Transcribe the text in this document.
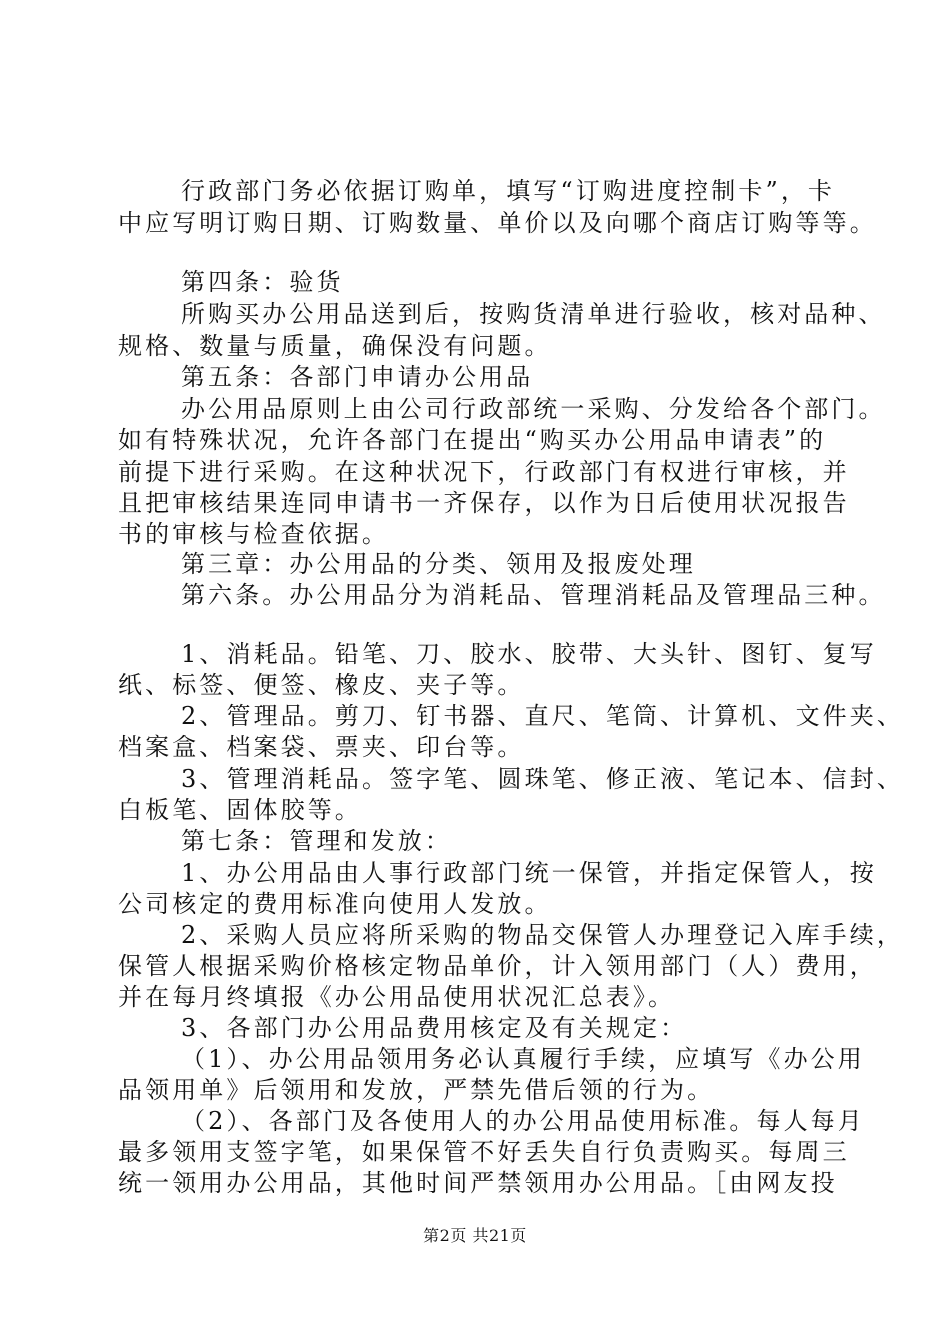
行政部门务必依据订购单，填写“订购进度控制卡”，卡
中应写明订购日期、订购数量、单价以及向哪个商店订购等等。
第四条：验货
所购买办公用品送到后，按购货清单进行验收，核对品种、
规格、数量与质量，确保没有问题。
第五条：各部门申请办公用品
办公用品原则上由公司行政部统一采购、分发给各个部门。
如有特殊状况，允许各部门在提出“购买办公用品申请表”的
前提下进行采购。在这种状况下，行政部门有权进行审核，并
且把审核结果连同申请书一齐保存，以作为日后使用状况报告
书的审核与检查依据。
第三章：办公用品的分类、领用及报废处理
第六条。办公用品分为消耗品、管理消耗品及管理品三种。
1、消耗品。铅笔、刀、胶水、胶带、大头针、图钉、复写
纸、标签、便签、橡皮、夹子等。
2、管理品。剪刀、钉书器、直尺、笔筒、计算机、文件夹、
档案盒、档案袋、票夹、印台等。
3、管理消耗品。签字笔、圆珠笔、修正液、笔记本、信封、
白板笔、固体胶等。
第七条：管理和发放：
1、办公用品由人事行政部门统一保管，并指定保管人，按
公司核定的费用标准向使用人发放。
2、采购人员应将所采购的物品交保管人办理登记入库手续，
保管人根据采购价格核定物品单价，计入领用部门（人）费用，
并在每月终填报《办公用品使用状况汇总表》。
3、各部门办公用品费用核定及有关规定：
（1）、办公用品领用务必认真履行手续，应填写《办公用
品领用单》后领用和发放，严禁先借后领的行为。
（2）、各部门及各使用人的办公用品使用标准。每人每月
最多领用支签字笔，如果保管不好丢失自行负责购买。每周三
统一领用办公用品，其他时间严禁领用办公用品。［由网友投
第2页 共21页
